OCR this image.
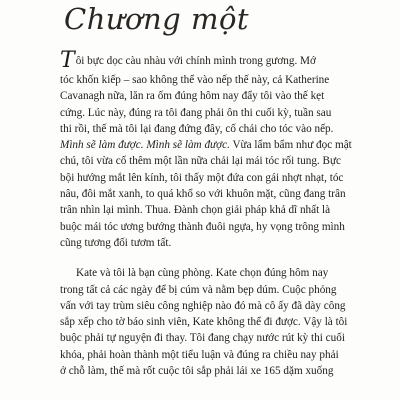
Chương một
Tôi bực dọc càu nhàu với chính mình trong gương. Mớ
tóc khốn kiếp – sao không thể vào nếp thế này, cả Katherine
Cavanagh nữa, lăn ra ốm đúng hôm nay đẩy tôi vào thế kẹt
cứng. Lúc này, đúng ra tôi đang phải ôn thi cuối kỳ, tuần sau
thi rồi, thế mà tôi lại đang đứng đây, cố chải cho tóc vào nếp.
Mình sẽ làm được. Mình sẽ làm được. Vừa lẩm bẩm như đọc mật
chú, tôi vừa cố thêm một lần nữa chải lại mái tóc rối tung. Bực
bội hướng mắt lên kính, tôi thấy một đứa con gái nhợt nhạt, tóc
nâu, đôi mắt xanh, to quá khổ so với khuôn mặt, cũng đang trân
trân nhìn lại mình. Thua. Đành chọn giải pháp khả dĩ nhất là
buộc mái tóc ương bướng thành đuôi ngựa, hy vọng trông mình
cũng tương đối tươm tất.
Kate và tôi là bạn cùng phòng. Kate chọn đúng hôm nay
trong tất cả các ngày để bị cúm và nằm bẹp dúm. Cuộc phỏng
vấn với tay trùm siêu công nghiệp nào đó mà cô ấy đã dày công
sắp xếp cho tờ báo sinh viên, Kate không thể đi được. Vậy là tôi
buộc phải tự nguyện đi thay. Tôi đang chạy nước rút kỳ thi cuối
khóa, phải hoàn thành một tiểu luận và đúng ra chiều nay phải
ở chỗ làm, thế mà rốt cuộc tôi sắp phải lái xe 165 dặm xuống
